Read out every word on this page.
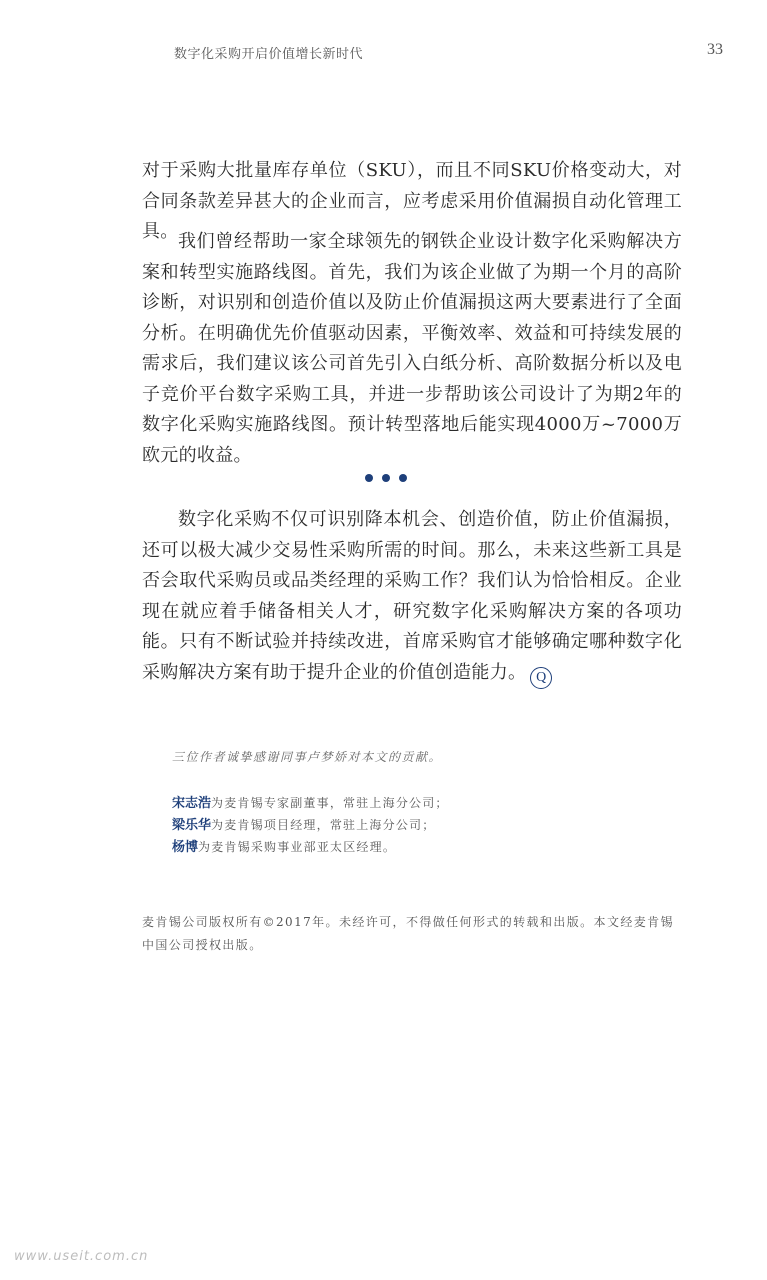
数字化采购开启价值增长新时代	33

对于采购大批量库存单位（SKU），而且不同SKU价格变动大，对合同条款差异甚大的企业而言，应考虑采用价值漏损自动化管理工具。 我们曾经帮助一家全球领先的钢铁企业设计数字化采购解决方案和转型实施路线图。首先，我们为该企业做了为期一个月的高阶诊断，对识别和创造价值以及防止价值漏损这两大要素进行了全面分析。在明确优先价值驱动因素，平衡效率、效益和可持续发展的需求后，我们建议该公司首先引入白纸分析、高阶数据分析以及电子竞价平台数字采购工具，并进一步帮助该公司设计了为期2年的数字化采购实施路线图。预计转型落地后能实现4000万~7000万欧元的收益。

数字化采购不仅可识别降本机会、创造价值，防止价值漏损，还可以极大减少交易性采购所需的时间。那么，未来这些新工具是否会取代采购员或品类经理的采购工作？我们认为恰恰相反。企业现在就应着手储备相关人才，研究数字化采购解决方案的各项功能。只有不断试验并持续改进，首席采购官才能够确定哪种数字化采购解决方案有助于提升企业的价值创造能力。 Q

三位作者诚挚感谢同事卢梦娇对本文的贡献。
宋志浩为麦肯锡专家副董事，常驻上海分公司；
梁乐华为麦肯锡项目经理，常驻上海分公司；
杨博为麦肯锡采购事业部亚太区经理。
麦肯锡公司版权所有©2017年。未经许可，不得做任何形式的转载和出版。本文经麦肯锡中国公司授权出版。
www.useit.com.cn
